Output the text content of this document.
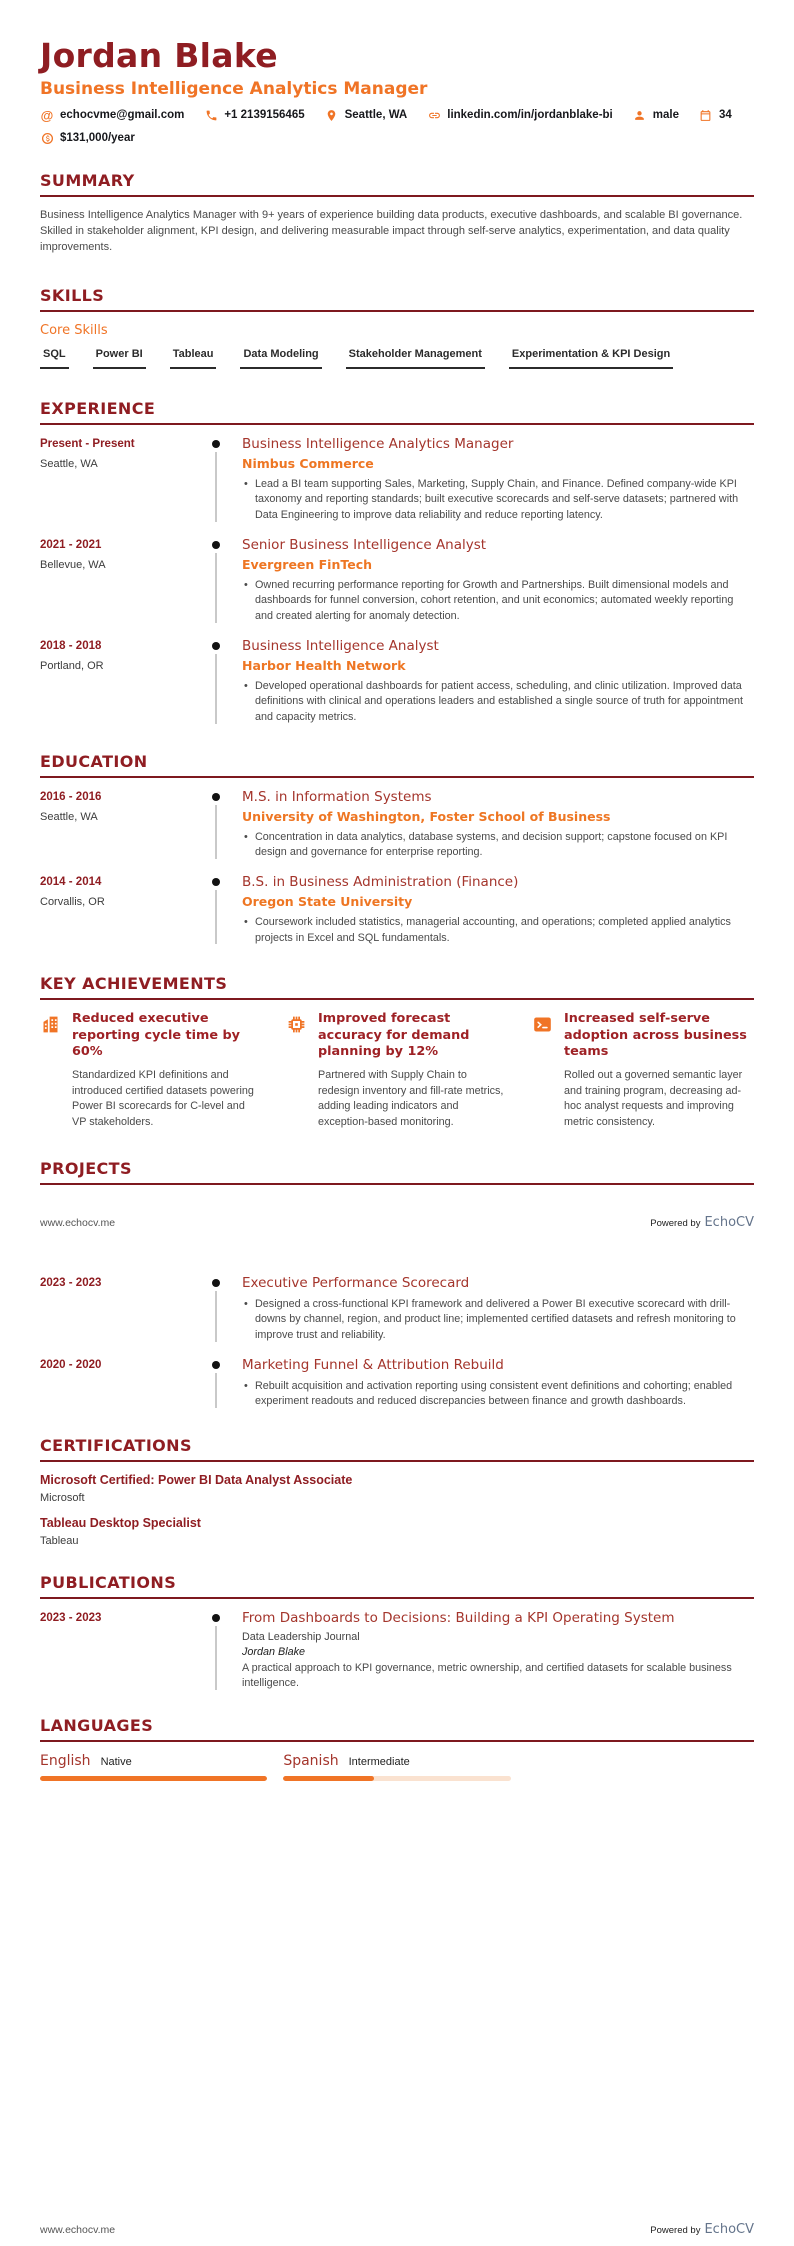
Jordan Blake
Business Intelligence Analytics Manager
@ echocvme@gmail.com	+1 2139156465	Seattle, WA	linkedin.com/in/jordanblake-bi	male	34
$131,000/year
SUMMARY

Business Intelligence Analytics Manager with 9+ years of experience building data products, executive dashboards, and scalable BI governance. Skilled in stakeholder alignment, KPI design, and delivering measurable impact through self-serve analytics, experimentation, and data quality improvements.

SKILLS
Core Skills
SQL	Power BI	Tableau	Data Modeling	Stakeholder Management	Experimentation & KPI Design
EXPERIENCE
Present - Present
Seattle, WA
Business Intelligence Analytics Manager
Nimbus Commerce
• Lead a BI team supporting Sales, Marketing, Supply Chain, and Finance. Defined company-wide KPI taxonomy and reporting standards; built executive scorecards and self-serve datasets; partnered with Data Engineering to improve data reliability and reduce reporting latency.
2021 - 2021
Bellevue, WA
Senior Business Intelligence Analyst
Evergreen FinTech
• Owned recurring performance reporting for Growth and Partnerships. Built dimensional models and dashboards for funnel conversion, cohort retention, and unit economics; automated weekly reporting and created alerting for anomaly detection.
2018 - 2018
Portland, OR
Business Intelligence Analyst
Harbor Health Network
• Developed operational dashboards for patient access, scheduling, and clinic utilization. Improved data definitions with clinical and operations leaders and established a single source of truth for appointment and capacity metrics.
EDUCATION
2016 - 2016
Seattle, WA
M.S. in Information Systems
University of Washington, Foster School of Business
• Concentration in data analytics, database systems, and decision support; capstone focused on KPI design and governance for enterprise reporting.
2014 - 2014
Corvallis, OR
B.S. in Business Administration (Finance)
Oregon State University
• Coursework included statistics, managerial accounting, and operations; completed applied analytics projects in Excel and SQL fundamentals.
KEY ACHIEVEMENTS
Reduced executive reporting cycle time by 60%
Standardized KPI definitions and introduced certified datasets powering Power BI scorecards for C-level and VP stakeholders.
Improved forecast accuracy for demand planning by 12%
Partnered with Supply Chain to redesign inventory and fill-rate metrics, adding leading indicators and exception-based monitoring.
Increased self-serve adoption across business teams
Rolled out a governed semantic layer and training program, decreasing ad-hoc analyst requests and improving metric consistency.
PROJECTS
www.echocv.me	Powered by EchoCV
2023 - 2023	Executive Performance Scorecard
• Designed a cross-functional KPI framework and delivered a Power BI executive scorecard with drill-downs by channel, region, and product line; implemented certified datasets and refresh monitoring to improve trust and reliability.
2020 - 2020	Marketing Funnel & Attribution Rebuild
• Rebuilt acquisition and activation reporting using consistent event definitions and cohorting; enabled experiment readouts and reduced discrepancies between finance and growth dashboards.
CERTIFICATIONS
Microsoft Certified: Power BI Data Analyst Associate
Microsoft
Tableau Desktop Specialist
Tableau
PUBLICATIONS
2023 - 2023	From Dashboards to Decisions: Building a KPI Operating System
Data Leadership Journal
Jordan Blake
A practical approach to KPI governance, metric ownership, and certified datasets for scalable business intelligence.
LANGUAGES
English Native	Spanish Intermediate
www.echocv.me	Powered by EchoCV
